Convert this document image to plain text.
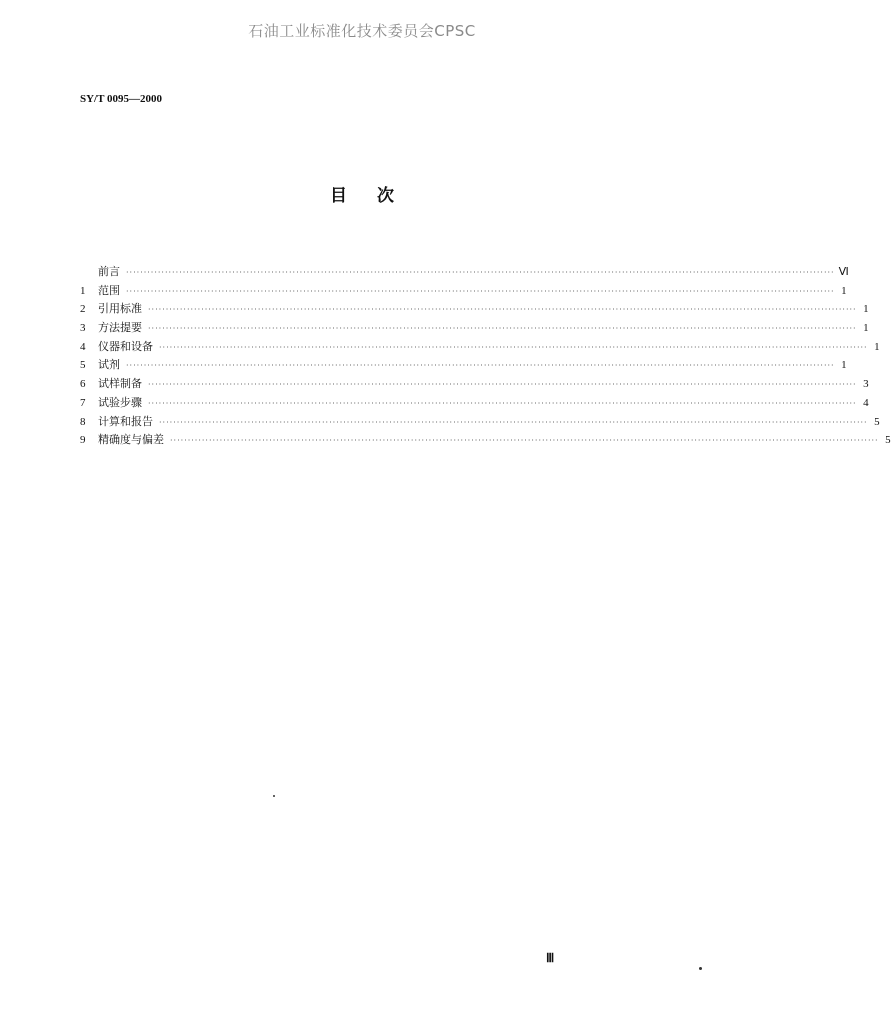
石油工业标准化技术委员会CPSC
SY/T 0095—2000
目次
前言 ········································································································································································································ Ⅵ
1	范围 ········································································································································································································ 1
2	引用标准 ········································································································································································································ 1
3	方法提要 ········································································································································································································ 1
4	仪器和设备 ········································································································································································································ 1
5	试剂 ········································································································································································································ 1
6	试样制备 ········································································································································································································ 3
7	试验步骤 ········································································································································································································ 4
8	计算和报告 ········································································································································································································ 5
9	精确度与偏差 ········································································································································································································ 5
Ⅲ
